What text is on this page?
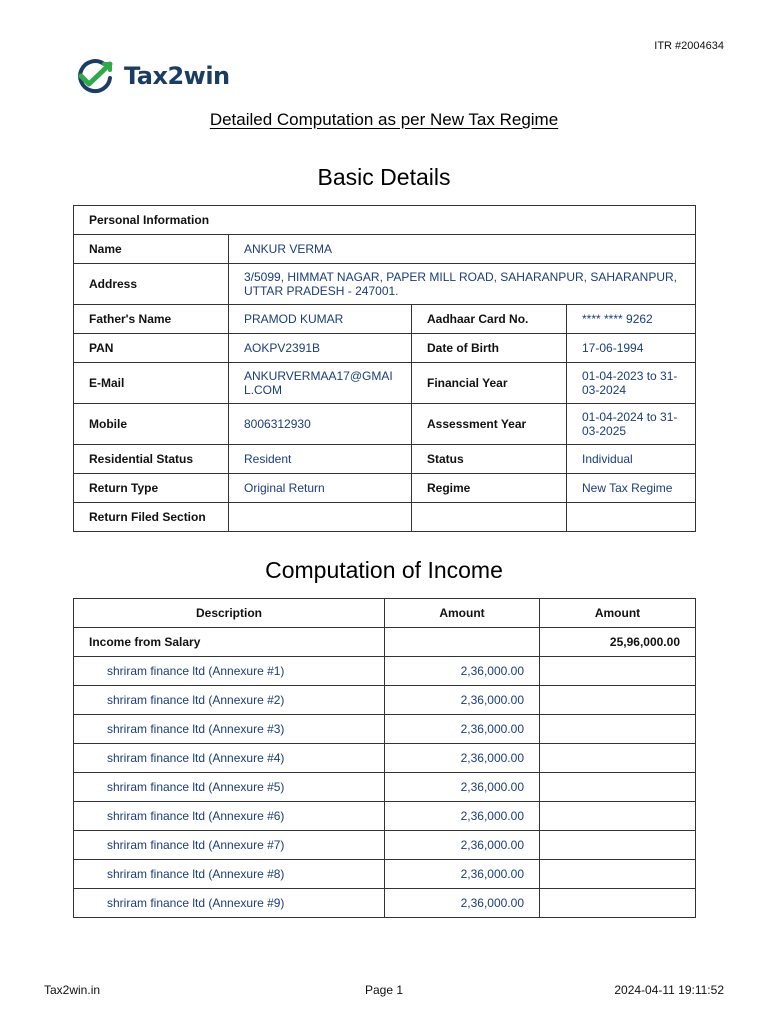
ITR #2004634
Tax2win
Detailed Computation as per New Tax Regime
Basic Details
Personal Information			
Name	ANKUR VERMA		
Address	3/5099, HIMMAT NAGAR, PAPER MILL ROAD, SAHARANPUR, SAHARANPUR, UTTAR PRADESH - 247001.		
Father's Name	PRAMOD KUMAR	Aadhaar Card No.	**** **** 9262
PAN	AOKPV2391B	Date of Birth	17-06-1994
E-Mail	ANKURVERMAA17@GMAIL.COM	Financial Year	01-04-2023 to 31-03-2024
Mobile	8006312930	Assessment Year	01-04-2024 to 31-03-2025
Residential Status	Resident	Status	Individual
Return Type	Original Return	Regime	New Tax Regime
Return Filed Section			
Computation of Income
Description	Amount	Amount
Income from Salary		25,96,000.00
shriram finance ltd (Annexure #1)	2,36,000.00	
shriram finance ltd (Annexure #2)	2,36,000.00	
shriram finance ltd (Annexure #3)	2,36,000.00	
shriram finance ltd (Annexure #4)	2,36,000.00	
shriram finance ltd (Annexure #5)	2,36,000.00	
shriram finance ltd (Annexure #6)	2,36,000.00	
shriram finance ltd (Annexure #7)	2,36,000.00	
shriram finance ltd (Annexure #8)	2,36,000.00	
shriram finance ltd (Annexure #9)	2,36,000.00	
Tax2win.in	Page 1	2024-04-11 19:11:52
